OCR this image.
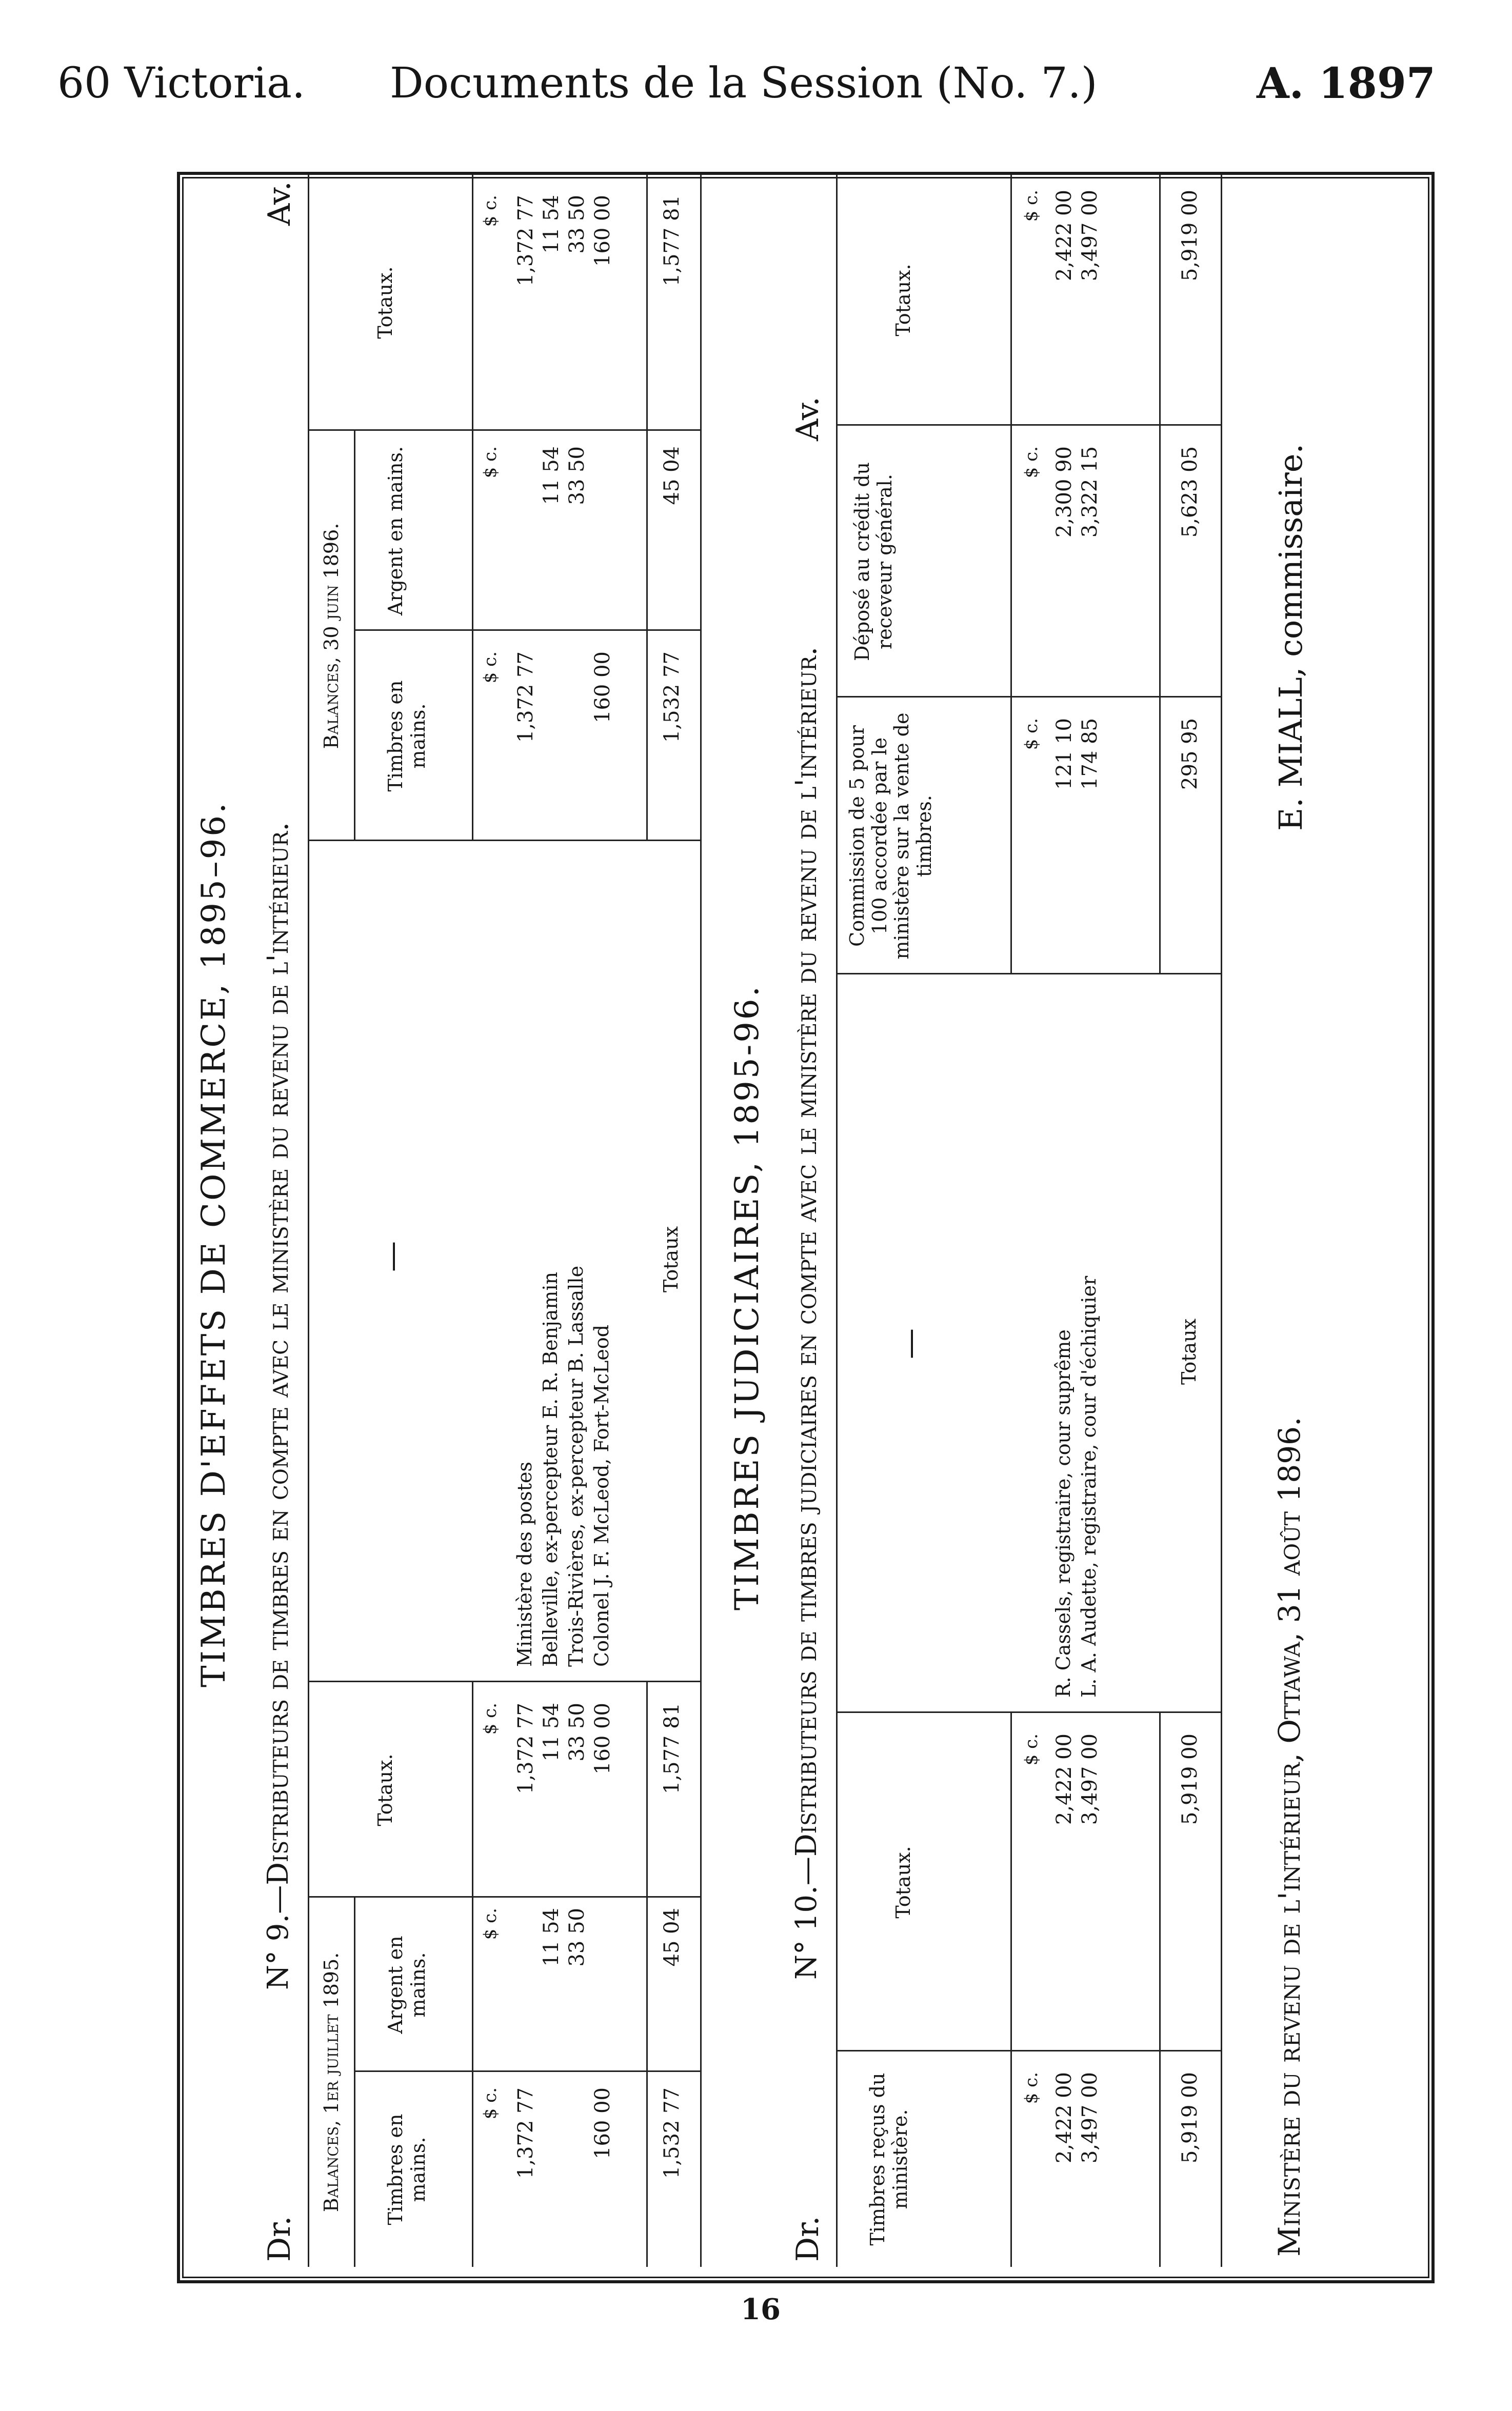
60 Victoria. Documents de la Session (No. 7.)	A. 1897
TIMBRES D'EFFETS DE COMMERCE, 1895–96.
Dr.
N° 9.—Distributeurs de timbres en compte avec le ministère du revenu de l'intérieur.
Av.
Balances, 1er juillet 1895.
Balances, 30 juin 1896.
Timbres en mains.
Argent en mains.
Totaux.
—
Timbres en mains.
Argent en mains.
Totaux.
$ c.
$ c.
$ c.
$ c.
$ c.
$ c.
1,372 77
1,372 77
Ministère des postes
1,372 77
1,372 77
11 54
11 54
Belleville, ex-percepteur E. R. Benjamin
11 54
11 54
33 50
33 50
Trois-Rivières, ex-percepteur B. Lassalle
33 50
33 50
160 00
160 00
Colonel J. F. McLeod, Fort-McLeod
160 00
160 00
1,532 77
45 04
1,577 81
Totaux
1,532 77
45 04
1,577 81
TIMBRES JUDICIAIRES, 1895-96.
Dr.
N° 10.—Distributeurs de timbres judiciaires en compte avec le ministère du revenu de l'intérieur.
Av.
Timbres reçus du ministère.
Totaux.
—
Commission de 5 pour 100 accordée par le ministère sur la vente de timbres.
Déposé au crédit du receveur général.
Totaux.
$ c.
$ c.
$ c.
$ c.
$ c.
2,422 00
2,422 00
R. Cassels, registraire, cour suprême
121 10
2,300 90
2,422 00
3,497 00
3,497 00
L. A. Audette, registraire, cour d'échiquier
174 85
3,322 15
3,497 00
5,919 00
5,919 00
Totaux
295 95
5,623 05
5,919 00
Ministère du revenu de l'intérieur, Ottawa, 31 août 1896.
E. MIALL, commissaire.
16
